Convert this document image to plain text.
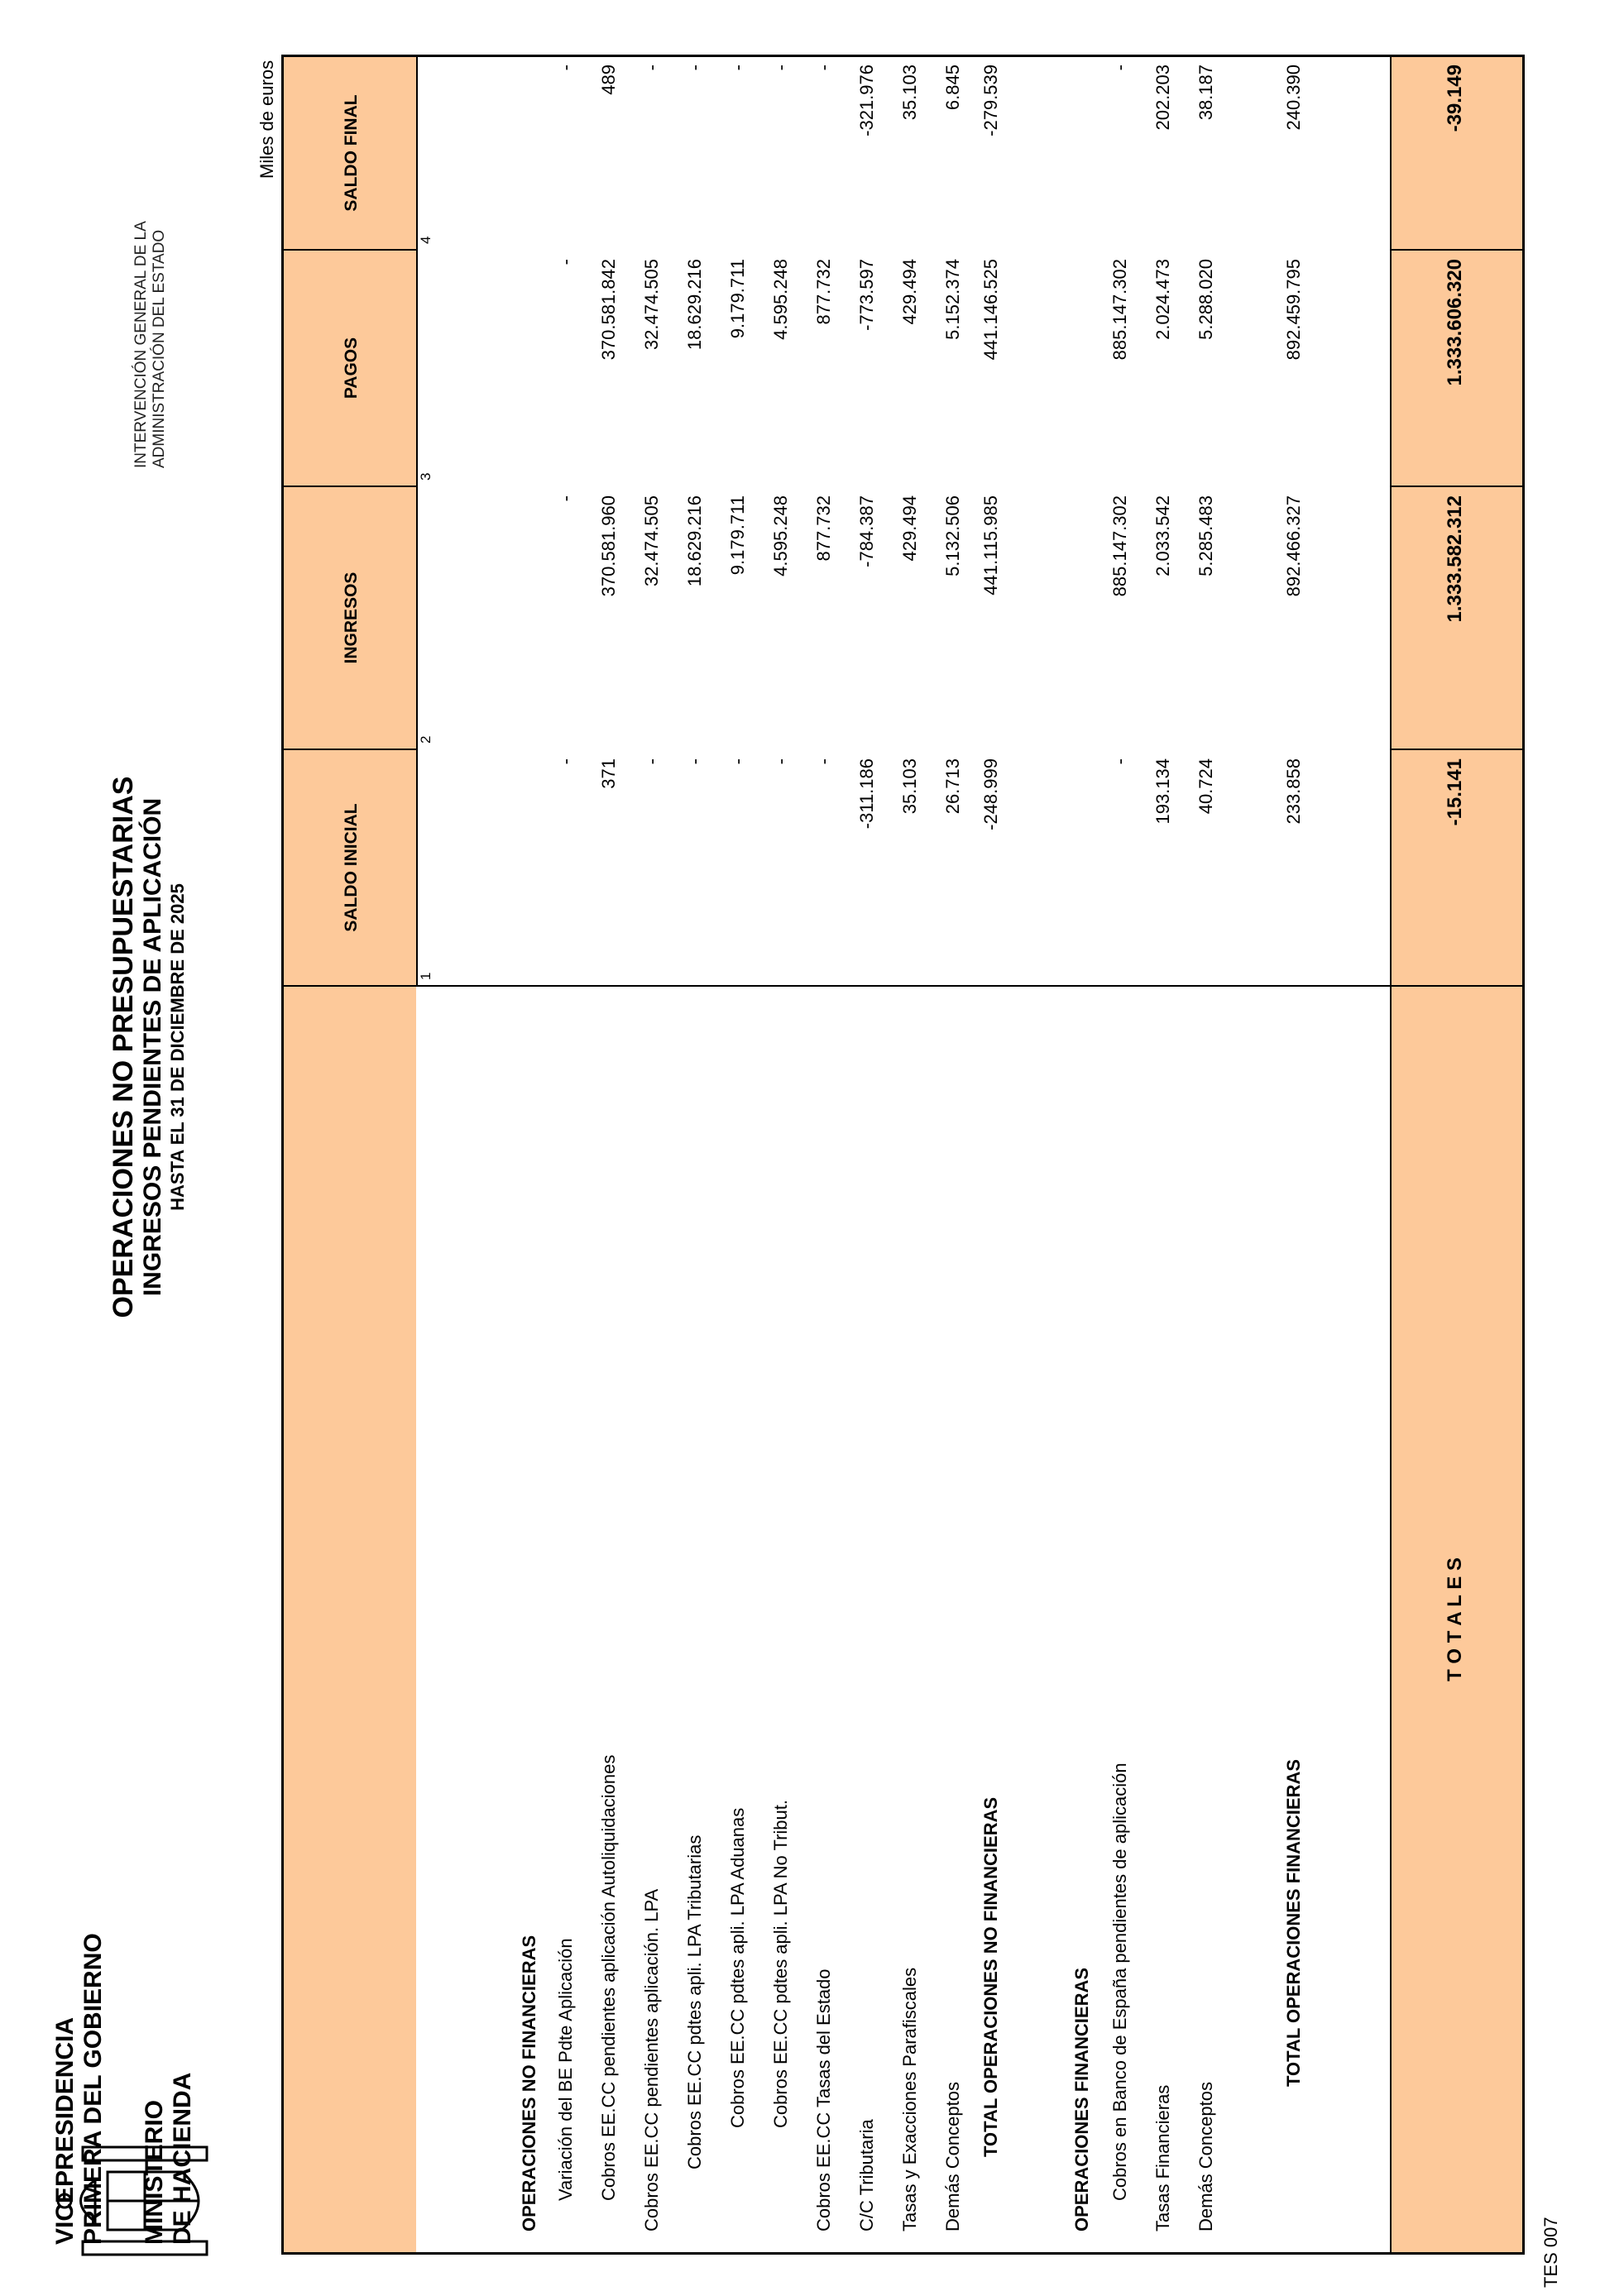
VICEPRESIDENCIA PRIMERA DEL GOBIERNO MINISTERIO DE HACIENDA
OPERACIONES NO PRESUPUESTARIAS INGRESOS PENDIENTES DE APLICACIÓN HASTA EL 31 DE DICIEMBRE DE 2025
INTERVENCIÓN GENERAL DE LA ADMINISTRACIÓN DEL ESTADO
Miles de euros
TES 007
SALDO INICIAL
INGRESOS
PAGOS
SALDO FINAL
1
2
3
4
OPERACIONES NO FINANCIERAS	OPERACIONES FINANCIERAS
Variación del BE Pdte Aplicación Cobros EE.CC pendientes aplicación Autoliquidaciones Cobros EE.CC pendientes aplicación. LPA Cobros EE.CC pdtes apli. LPA Tributarias Cobros EE.CC pdtes apli. LPA Aduanas Cobros EE.CC pdtes apli. LPA No Tribut. Cobros EE.CC Tasas del Estado C/C Tributaria Tasas y Exacciones Parafiscales Demás Conceptos TOTAL OPERACIONES NO FINANCIERAS	Cobros en Banco de España pendientes de aplicación Tasas Financieras Demás Conceptos
TOTAL OPERACIONES FINANCIERAS
T O T A L E S
-
-
-
-
371
370.581.960
370.581.842
489
-
32.474.505
32.474.505
-
-
18.629.216
18.629.216
-
-
9.179.711
9.179.711
-
-
4.595.248
4.595.248
-
-
877.732
877.732
-
-311.186
-784.387
-773.597
-321.976
35.103
429.494
429.494
35.103
26.713
5.132.506
5.152.374
6.845
-248.999
441.115.985
441.146.525
-279.539
-
885.147.302
885.147.302
-
193.134
2.033.542
2.024.473
202.203
40.724
5.285.483
5.288.020
38.187
233.858
892.466.327
892.459.795
240.390
-15.141
1.333.582.312
1.333.606.320
-39.149
